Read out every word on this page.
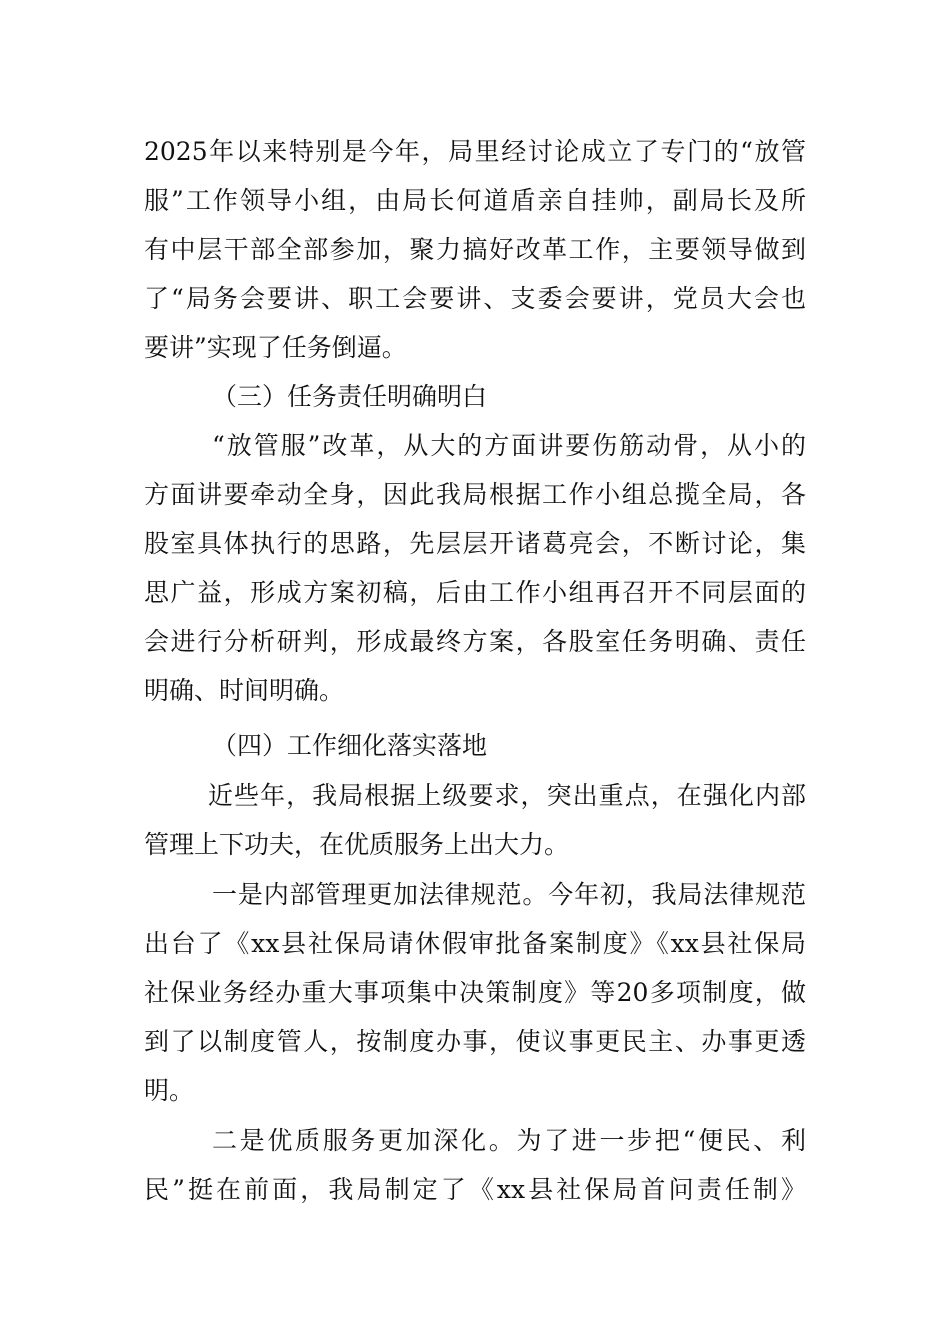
2025年以来特别是今年，局里经讨论成立了专门的“放管
服”工作领导小组，由局长何道盾亲自挂帅，副局长及所
有中层干部全部参加，聚力搞好改革工作，主要领导做到
了“局务会要讲、职工会要讲、支委会要讲，党员大会也
要讲”实现了任务倒逼。
（三）任务责任明确明白
“放管服”改革，从大的方面讲要伤筋动骨，从小的
方面讲要牵动全身，因此我局根据工作小组总揽全局，各
股室具体执行的思路，先层层开诸葛亮会，不断讨论，集
思广益，形成方案初稿，后由工作小组再召开不同层面的
会进行分析研判，形成最终方案，各股室任务明确、责任
明确、时间明确。
（四）工作细化落实落地
近些年，我局根据上级要求，突出重点，在强化内部
管理上下功夫，在优质服务上出大力。
一是内部管理更加法律规范。今年初，我局法律规范
出台了《xx县社保局请休假审批备案制度》《xx县社保局
社保业务经办重大事项集中决策制度》等20多项制度，做
到了以制度管人，按制度办事，使议事更民主、办事更透
明。
二是优质服务更加深化。为了进一步把“便民、利
民”挺在前面，我局制定了《xx县社保局首问责任制》
